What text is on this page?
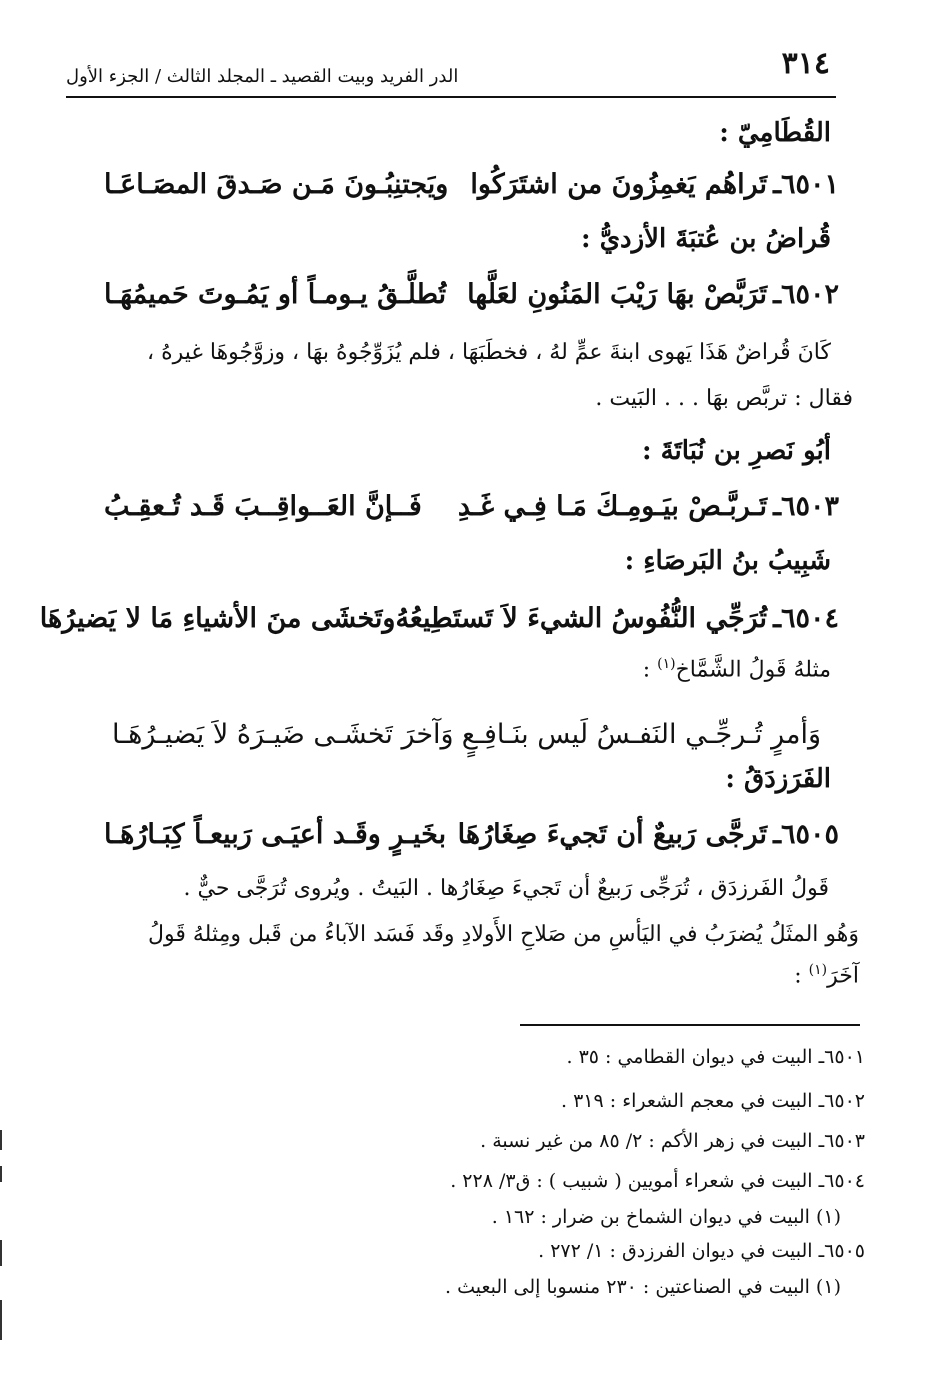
٣١٤
الدر الفريد وبيت القصيد ـ المجلد الثالث / الجزء الأول
القُطَامِيّ :
٦٥٠١ـ
تَراهُم يَغمِزُونَ من اشتَرَكُوا
ويَجتنِبُـونَ مَـن صَـدقَ المصَـاعَـا
قُراضُ بن عُتبَةَ الأزديُّ :
٦٥٠٢ـ
تَرَبَّصْ بهَا رَيْبَ المَنُونِ لعَلَّها
تُطلَّـقُ يـومـاً أو يَمُـوتَ حَميمُهَـا
كَانَ قُراضٌ هَذَا يَهوى ابنةَ عمٍّ لهُ ، فخطَبَهَا ، فلم يُزَوِّجُوهُ بهَا ، وزوَّجُوهَا غيرهُ ،
فقال : تربَّص بهَا . . . البَيت .
أبُو نَصرِ بن نُبَاتَةَ :
٦٥٠٣ـ
تَـربَّـصْ بيَـومِـكَ مَـا فِـي غَـدِ
فَــإنَّ العَــواقِــبَ قَـد تُـعقِـبُ
شَبِيبُ بنُ البَرصَاءِ :
٦٥٠٤ـ
تُرَجِّي النُّفُوسُ الشيءَ لاَ تَستَطِيعُهُ
وتَخشَى منَ الأشياءِ مَا لا يَضيرُهَا
مثلهُ قَولُ الشَّمَّاخ$^{(١)}$ :
وَأمرٍ تُـرجِّـي النَفـسُ لَيس بنَـافِـعٍ
وَآخرَ تَخشَـى ضَيـرَهُ لاَ يَضيـرُهَـا
الفَرَزدَقُ :
٦٥٠٥ـ
تَرجَّى رَبيعٌ أن تَجيءَ صِغَارُهَا
بخَيـرٍ وقَـد أعيَـى رَبيعـاً كِبَـارُهَـا
قَولُ الفَرزدَق ، تُرَجِّى رَبيعٌ أن تَجيءَ صِغَارُها . البَيتُ . ويُروى تُرَجَّى حيٌّ .
وَهُو المثَلُ يُضرَبُ في اليَأسِ من صَلاحِ الأَولادِ وقَد فَسَد الآباءُ من قَبل ومِثلهُ قَولُ
آخَرَ$^{(١)}$ :
٦٥٠١ـ البيت في ديوان القطامي : ٣٥ .
٦٥٠٢ـ البيت في معجم الشعراء : ٣١٩ .
٦٥٠٣ـ البيت في زهر الأكم : ٢/ ٨٥ من غير نسبة .
٦٥٠٤ـ البيت في شعراء أمويين ( شبيب ) : ق٣/ ٢٢٨ .
(١) البيت في ديوان الشماخ بن ضرار : ١٦٢ .
٦٥٠٥ـ البيت في ديوان الفرزدق : ١/ ٢٧٢ .
(١) البيت في الصناعتين : ٢٣٠ منسوبا إلى البعيث .
